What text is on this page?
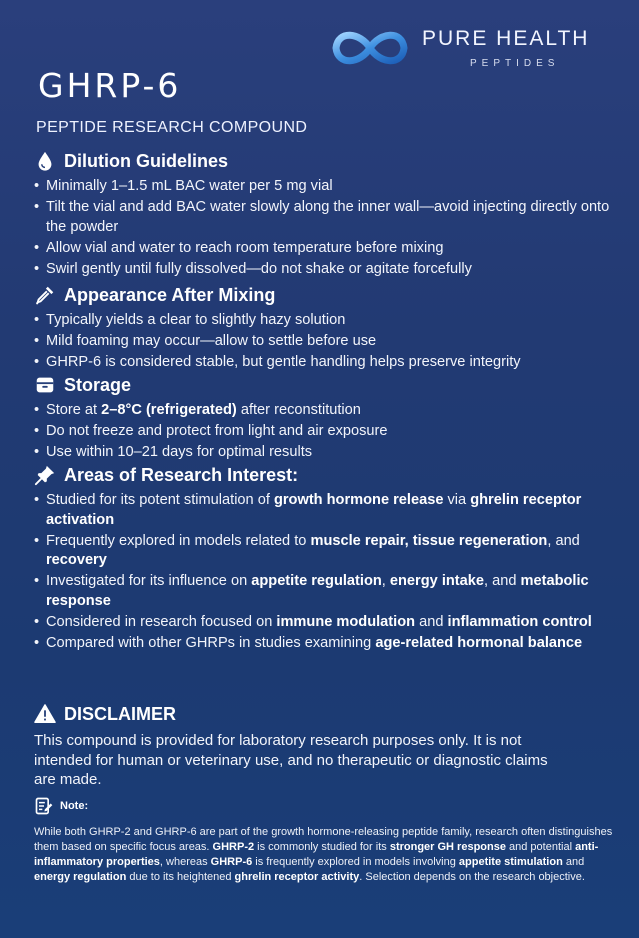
PURE HEALTH
PEPTIDES
GHRP-6
PEPTIDE RESEARCH COMPOUND
Dilution Guidelines
• Minimally 1–1.5 mL BAC water per 5 mg vial
• Tilt the vial and add BAC water slowly along the inner wall—avoid injecting directly onto the powder
• Allow vial and water to reach room temperature before mixing
• Swirl gently until fully dissolved—do not shake or agitate forcefully
Appearance After Mixing
• Typically yields a clear to slightly hazy solution
• Mild foaming may occur—allow to settle before use
• GHRP-6 is considered stable, but gentle handling helps preserve integrity
Storage
• Store at 2–8°C (refrigerated) after reconstitution
• Do not freeze and protect from light and air exposure
• Use within 10–21 days for optimal results
Areas of Research Interest:
• Studied for its potent stimulation of growth hormone release via ghrelin receptor activation
• Frequently explored in models related to muscle repair, tissue regeneration, and recovery
• Investigated for its influence on appetite regulation, energy intake, and metabolic response
• Considered in research focused on immune modulation and inflammation control
• Compared with other GHRPs in studies examining age-related hormonal balance
DISCLAIMER
This compound is provided for laboratory research purposes only. It is not intended for human or veterinary use, and no therapeutic or diagnostic claims are made.
Note:
While both GHRP-2 and GHRP-6 are part of the growth hormone-releasing peptide family, research often distinguishes them based on specific focus areas. GHRP-2 is commonly studied for its stronger GH response and potential anti-inflammatory properties, whereas GHRP-6 is frequently explored in models involving appetite stimulation and energy regulation due to its heightened ghrelin receptor activity. Selection depends on the research objective.
